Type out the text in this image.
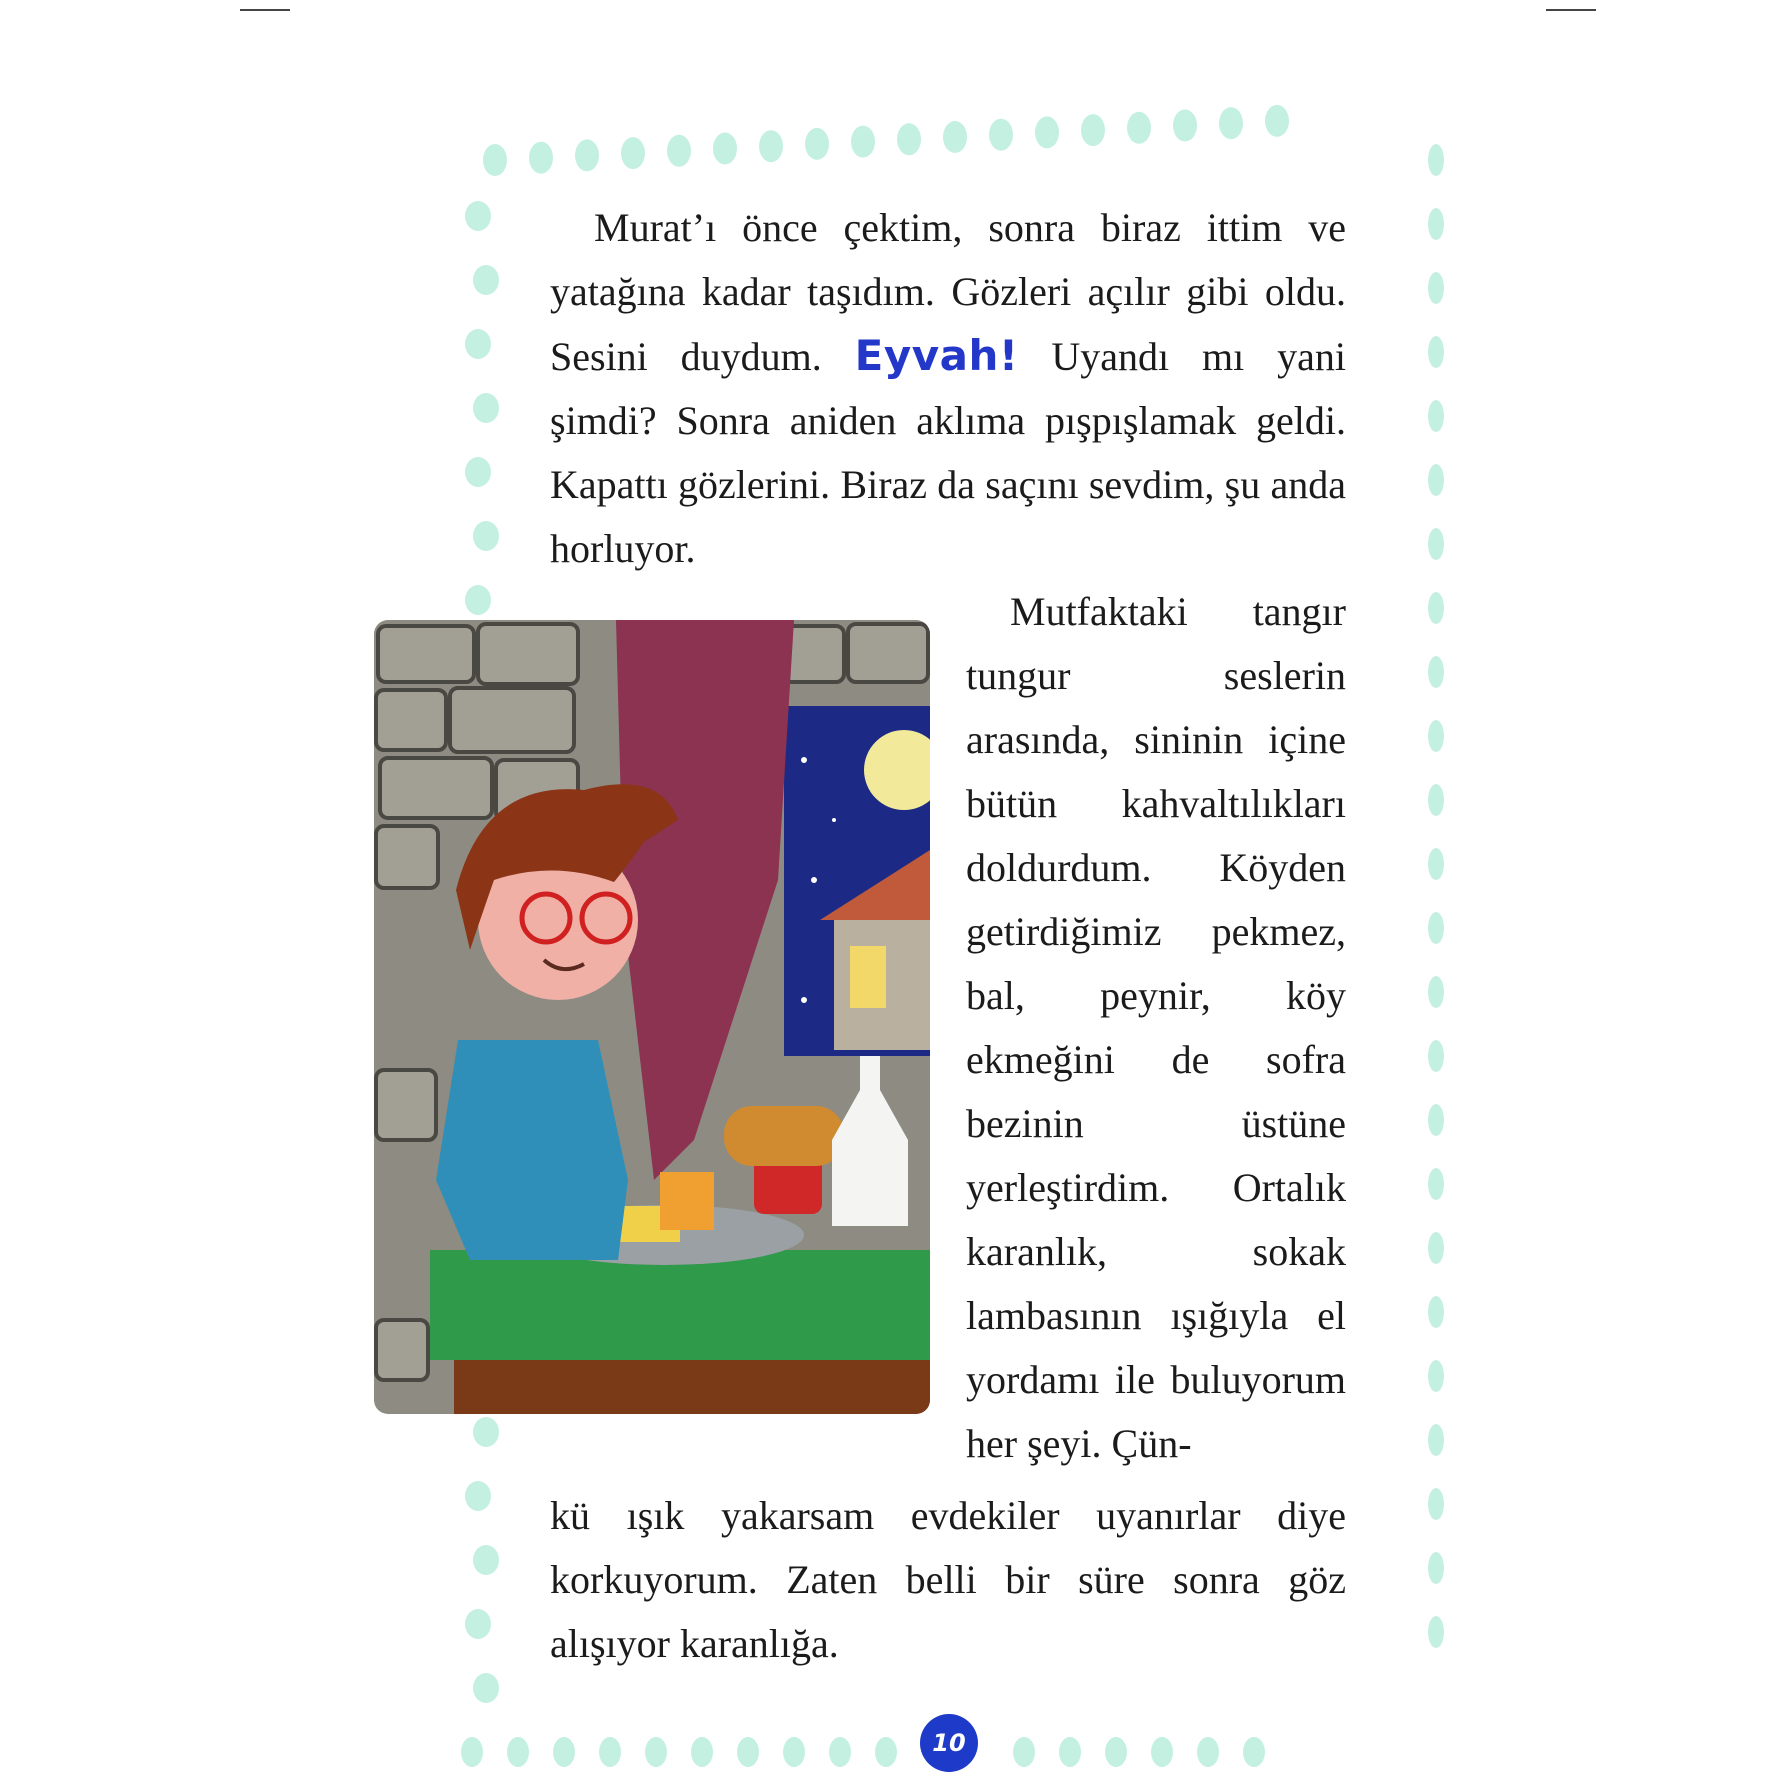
Murat’ı önce çektim, sonra biraz ittim ve yatağına kadar taşıdım. Gözleri açılır gibi oldu. Sesini duydum. Eyvah! Uyandı mı yani şimdi? Sonra aniden aklıma pışpışlamak geldi. Kapattı gözlerini. Biraz da saçını sevdim, şu anda horluyor.

Mutfaktaki tangır tungur seslerin arasında, sininin içine bütün kahvaltılıkları doldurdum. Köyden getirdiğimiz pekmez, bal, peynir, köy ekmeğini de sofra bezinin üstüne yerleştirdim. Ortalık karanlık, sokak lambasının ışığıyla el yordamı ile buluyorum her şeyi. Çün-

kü ışık yakarsam evdekiler uyanırlar diye korkuyorum. Zaten belli bir süre sonra göz alışıyor karanlığa.

10
